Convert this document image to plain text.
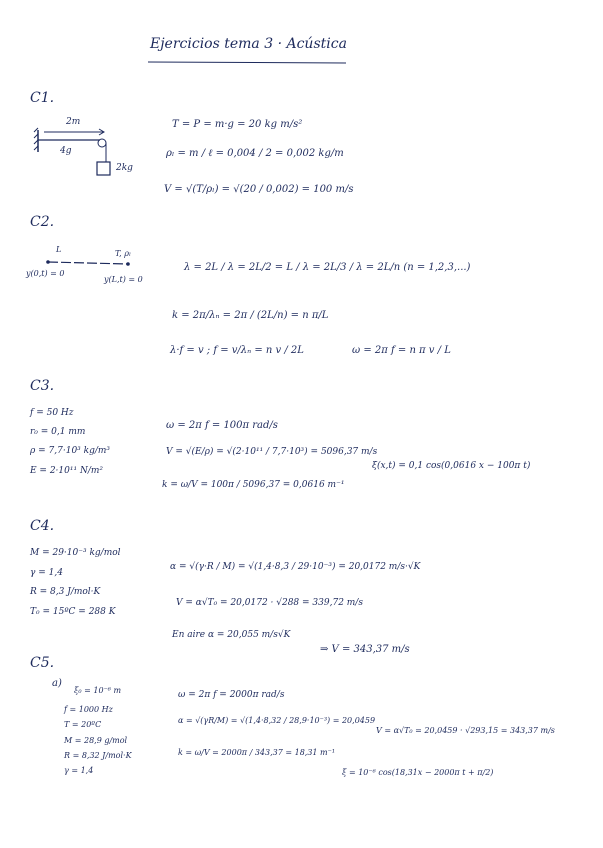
Ejercicios tema 3 · Acústica
C1.
2m
4g
2kg
T = P = m·g = 20 kg m/s²
ρₗ = m / ℓ = 0,004 / 2 = 0,002 kg/m
V = √(T/ρₗ) = √(20 / 0,002) = 100 m/s
C2.
L	T, ρₗ
y(0,t) = 0
y(L,t) = 0
λ = 2L / λ = 2L/2 = L / λ = 2L/3 / λ = 2L/n (n = 1,2,3,...)
k = 2π/λₙ = 2π / (2L/n) = n π/L
λ·f = v ; f = v/λₙ = n v / 2L	ω = 2π f = n π v / L
C3.
f = 50 Hz
r₀ = 0,1 mm
ρ = 7,7·10³ kg/m³
E = 2·10¹¹ N/m²
ω = 2π f = 100π rad/s
V = √(E/ρ) = √(2·10¹¹ / 7,7·10³) = 5096,37 m/s
k = ω/V = 100π / 5096,37 = 0,0616 m⁻¹
ξ(x,t) = 0,1 cos(0,0616 x − 100π t)
C4.
M = 29·10⁻³ kg/mol
γ = 1,4
R = 8,3 J/mol·K
T₀ = 15ºC = 288 K
α = √(γ·R / M) = √(1,4·8,3 / 29·10⁻³) = 20,0172 m/s·√K
V = α√T₀ = 20,0172 · √288 = 339,72 m/s
En aire α = 20,055 m/s√K
⇒ V = 343,37 m/s
C5.
a)
ξ₀ = 10⁻⁶ m
f = 1000 Hz
T = 20ºC
M = 28,9 g/mol
R = 8,32 J/mol·K
γ = 1,4
ω = 2π f = 2000π rad/s
α = √(γR/M) = √(1,4·8,32 / 28,9·10⁻³) = 20,0459
V = α√T₀ = 20,0459 · √293,15 = 343,37 m/s
k = ω/V = 2000π / 343,37 = 18,31 m⁻¹
ξ = 10⁻⁶ cos(18,31x − 2000π t + π/2)
